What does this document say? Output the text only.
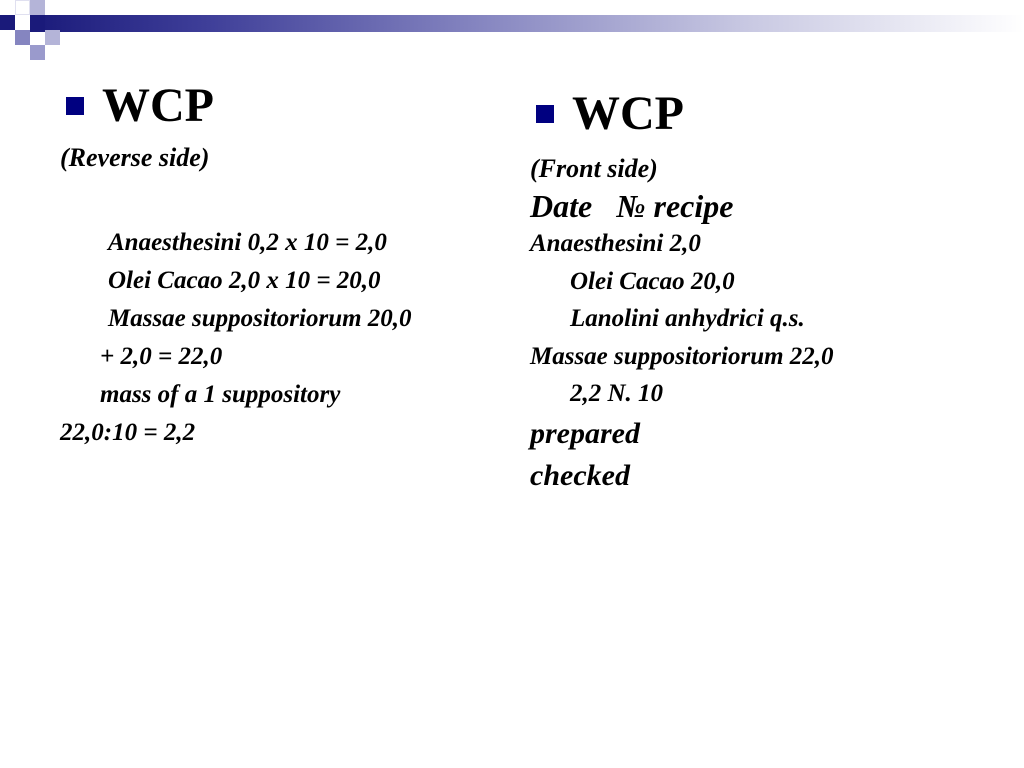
WCP
(Reverse side)
Anaesthesini 0,2 x 10 = 2,0
Olei Cacao 2,0 x 10 = 20,0
Massae suppositoriorum 20,0
+ 2,0 = 22,0
mass of a 1 suppository
22,0:10 = 2,2
WCP
(Front side)
Date   № recipe
Anaesthesini 2,0
Olei Cacao 20,0
Lanolini anhydrici q.s.
Massae suppositoriorum 22,0
2,2 N. 10
prepared
checked
